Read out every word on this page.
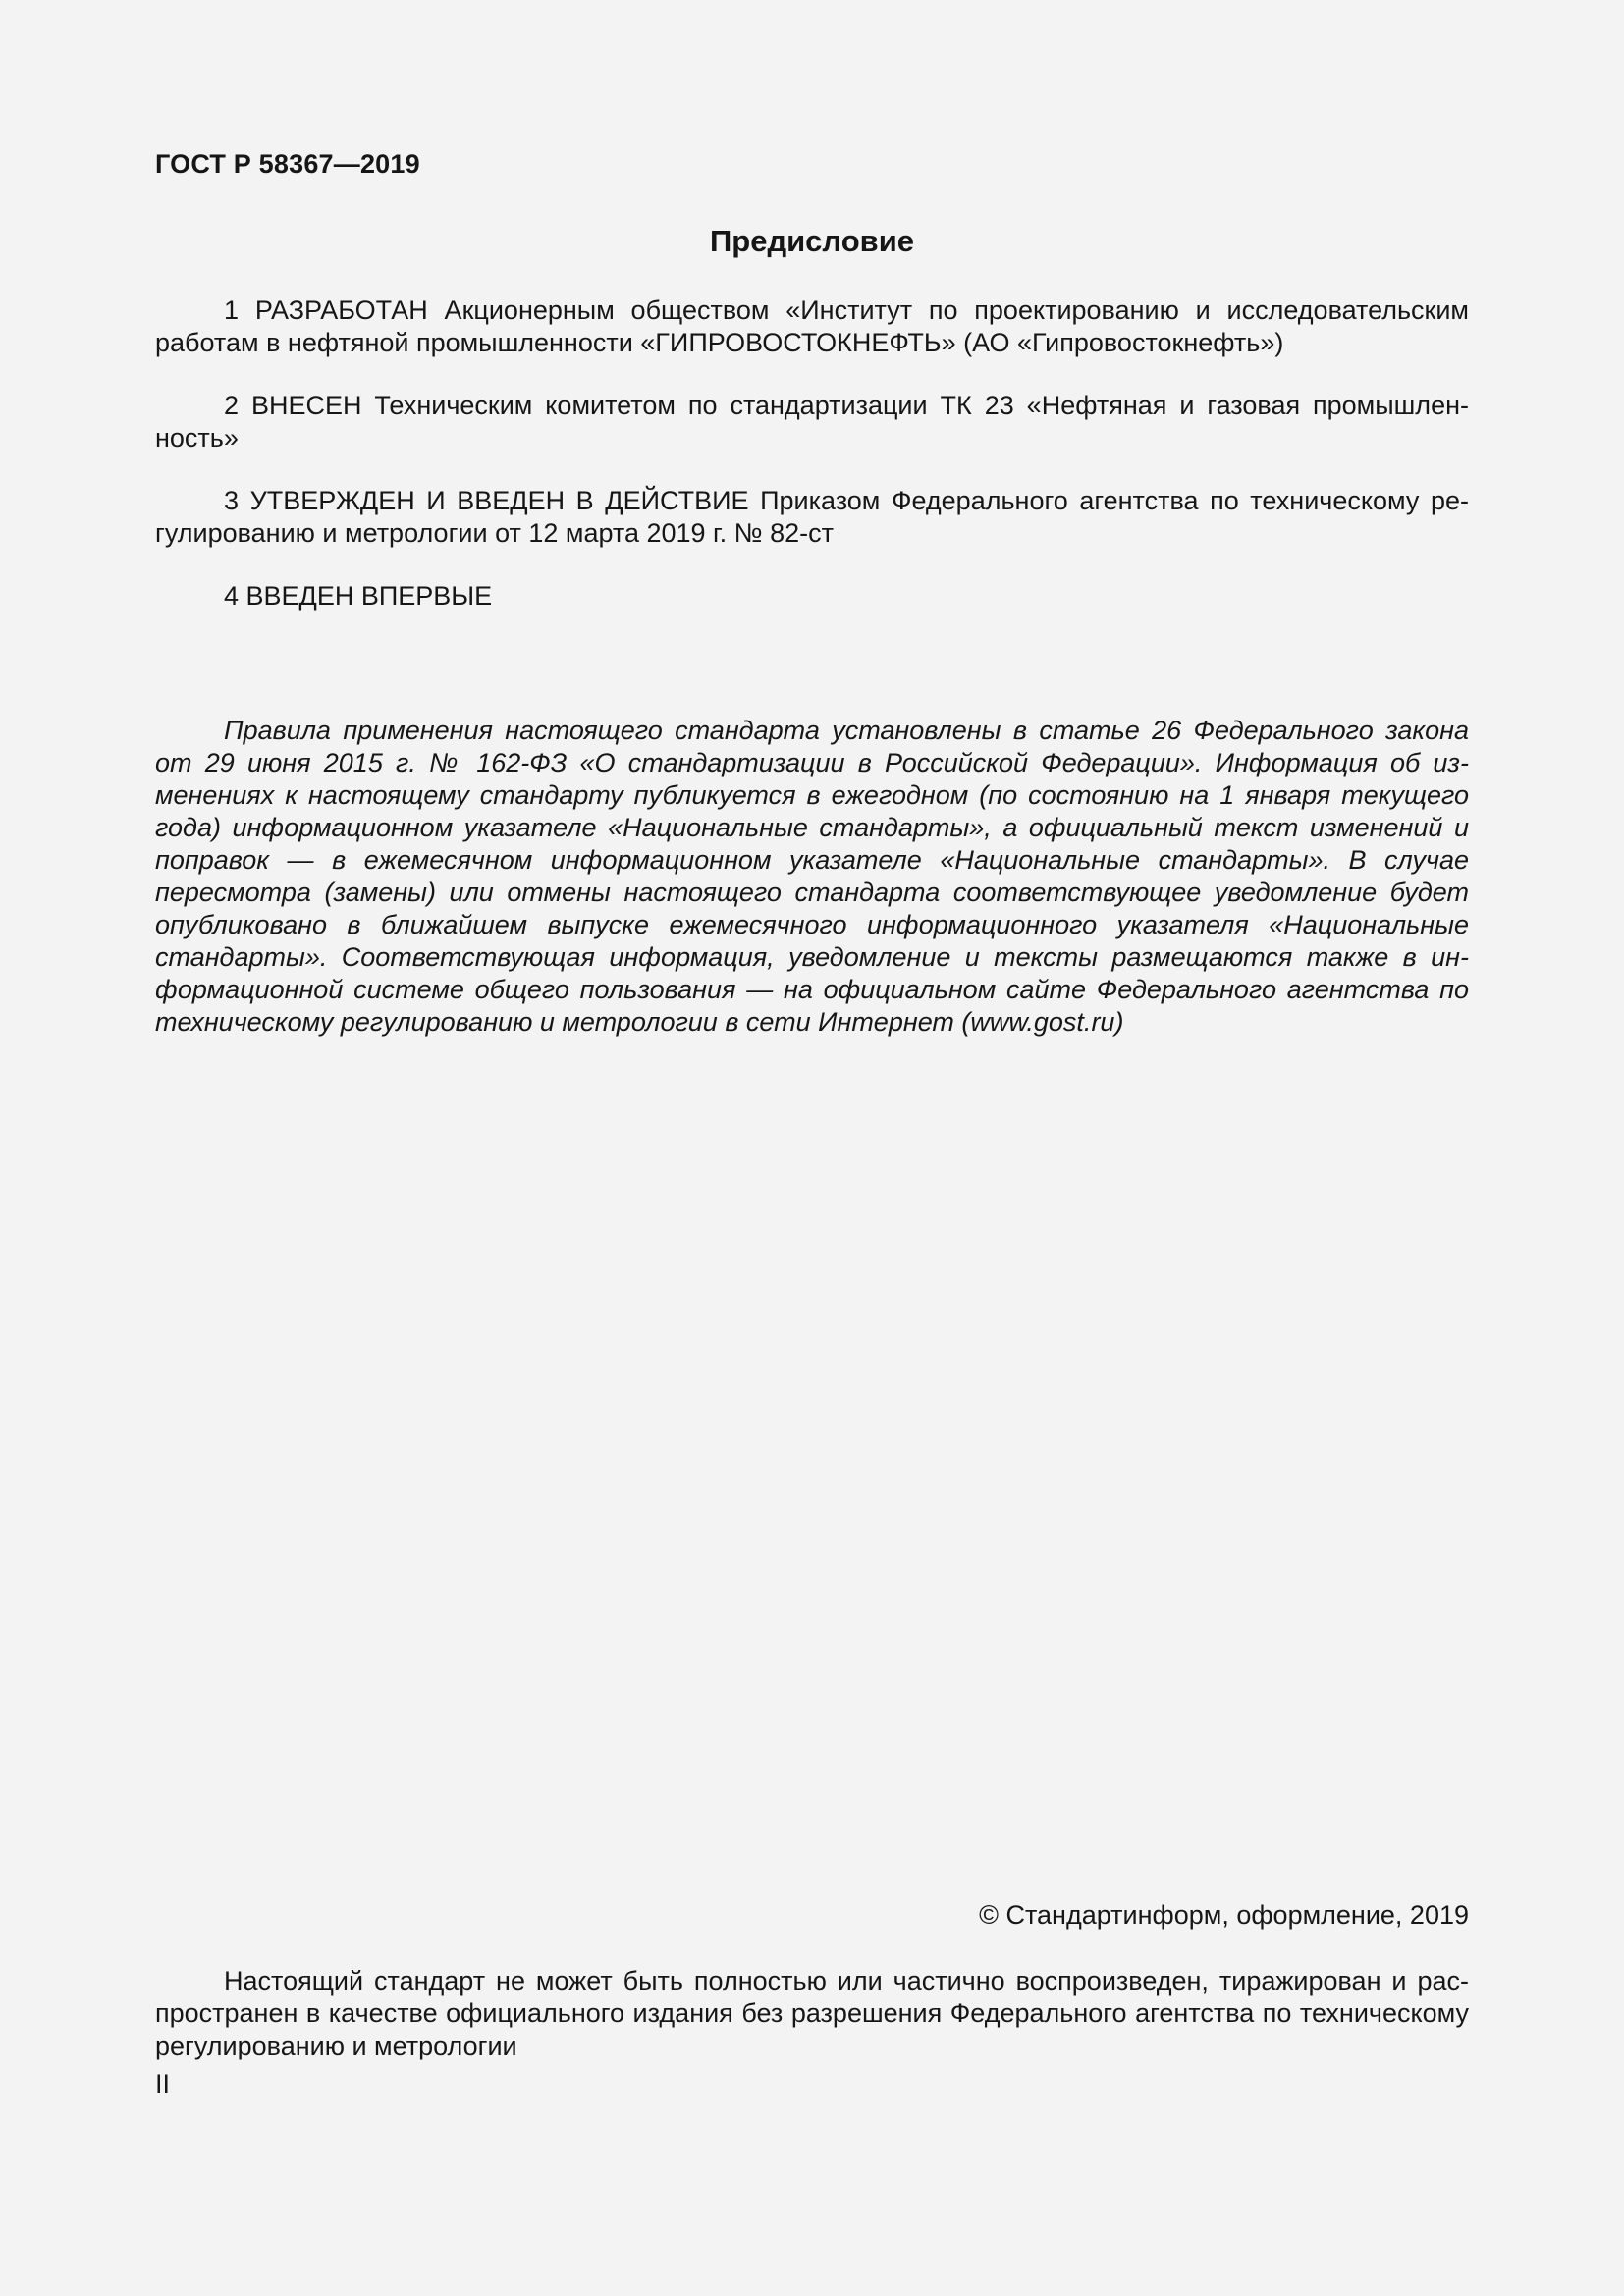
ГОСТ Р 58367—2019
Предисловие

1 РАЗРАБОТАН Акционерным обществом «Институт по проектированию и исследовательским работам в нефтяной промышленности «ГИПРОВОСТОКНЕФТЬ» (АО «Гипровостокнефть»)

2 ВНЕСЕН Техническим комитетом по стандартизации ТК 23 «Нефтяная и газовая промышленность»

3 УТВЕРЖДЕН И ВВЕДЕН В ДЕЙСТВИЕ Приказом Федерального агентства по техническому регулированию и метрологии от 12 марта 2019 г. № 82-ст

4 ВВЕДЕН ВПЕРВЫЕ

Правила применения настоящего стандарта установлены в статье 26 Федерального закона от 29 июня 2015 г. № 162-ФЗ «О стандартизации в Российской Федерации». Информация об изменениях к настоящему стандарту публикуется в ежегодном (по состоянию на 1 января текущего года) информационном указателе «Национальные стандарты», а официальный текст изменений и поправок — в ежемесячном информационном указателе «Национальные стандарты». В случае пересмотра (замены) или отмены настоящего стандарта соответствующее уведомление будет опубликовано в ближайшем выпуске ежемесячного информационного указателя «Национальные стандарты». Соответствующая информация, уведомление и тексты размещаются также в информационной системе общего пользования — на официальном сайте Федерального агентства по техническому регулированию и метрологии в сети Интернет (www.gost.ru)

© Стандартинформ, оформление, 2019

Настоящий стандарт не может быть полностью или частично воспроизведен, тиражирован и распространен в качестве официального издания без разрешения Федерального агентства по техническому регулированию и метрологии

II
